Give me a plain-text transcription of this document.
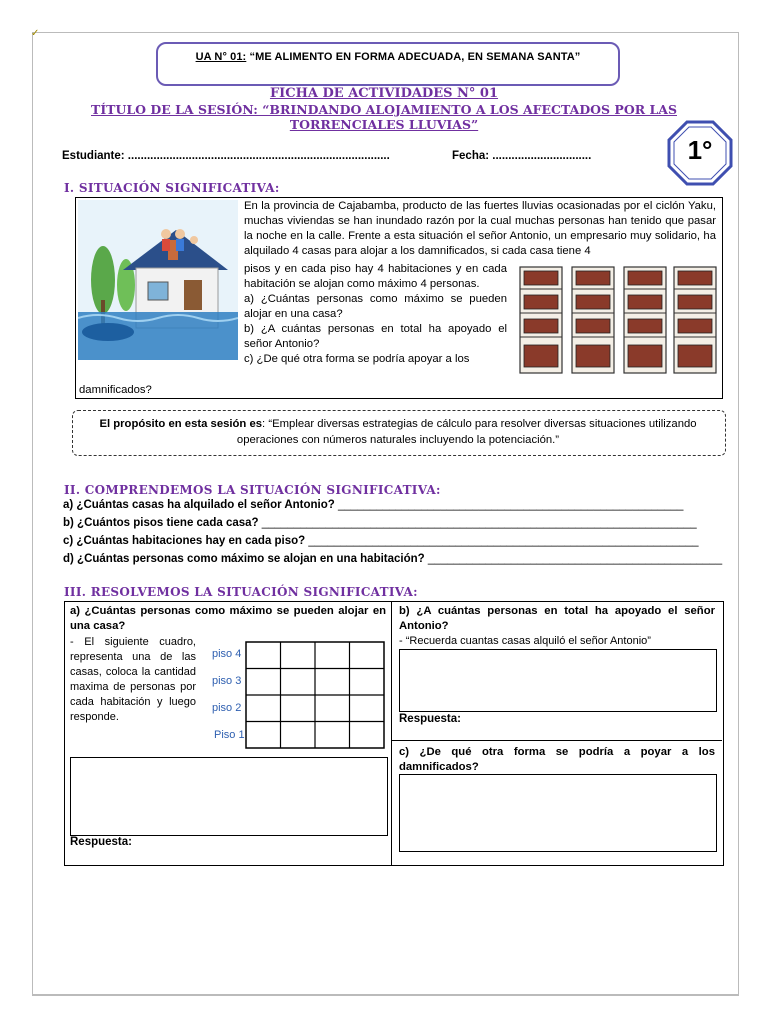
✓
UA N° 01: “ME ALIMENTO EN FORMA ADECUADA, EN SEMANA SANTA”
FICHA DE ACTIVIDADES N° 01
TÍTULO DE LA SESIÓN: “BRINDANDO ALOJAMIENTO A LOS AFECTADOS POR LAS TORRENCIALES LLUVIAS”
1°
Estudiante: ..................................................................................	Fecha: ...............................
I. SITUACIÓN SIGNIFICATIVA:
En la provincia de Cajabamba, producto de las fuertes lluvias ocasionadas por el ciclón Yaku, muchas viviendas se han inundado razón por la cual muchas personas han tenido que pasar la noche en la calle. Frente a esta situación el señor Antonio, un empresario muy solidario, ha alquilado 4 casas para alojar a los damnificados, si cada casa tiene 4
pisos y en cada piso hay 4 habitaciones y en cada habitación se alojan como máximo 4 personas.
a) ¿Cuántas personas como máximo se pueden alojar en una casa?
b) ¿A cuántas personas en total ha apoyado el señor Antonio?
c) ¿De qué otra forma se podría apoyar a los
damnificados?
El propósito en esta sesión es: “Emplear diversas estrategias de cálculo para resolver diversas situaciones utilizando operaciones con números naturales incluyendo la potenciación.”
II. COMPRENDEMOS LA SITUACIÓN SIGNIFICATIVA:
a) ¿Cuántas casas ha alquilado el señor Antonio? ______________________________________________________
b) ¿Cuántos pisos tiene cada casa? ____________________________________________________________________
c) ¿Cuántas habitaciones hay en cada piso? _____________________________________________________________
d) ¿Cuántas personas como máximo se alojan en una habitación? ______________________________________________
III. RESOLVEMOS LA SITUACIÓN SIGNIFICATIVA:
a) ¿Cuántas personas como máximo se pueden alojar en una casa?
- El siguiente cuadro, representa una de las casas, coloca la cantidad maxima de personas por cada habitación y luego responde.
piso 4
piso 3
piso 2
Piso 1
Respuesta:
b) ¿A cuántas personas en total ha apoyado el señor Antonio?
- “Recuerda cuantas casas alquiló el señor Antonio”
Respuesta:
c) ¿De qué otra forma se podría a poyar a los damnificados?
